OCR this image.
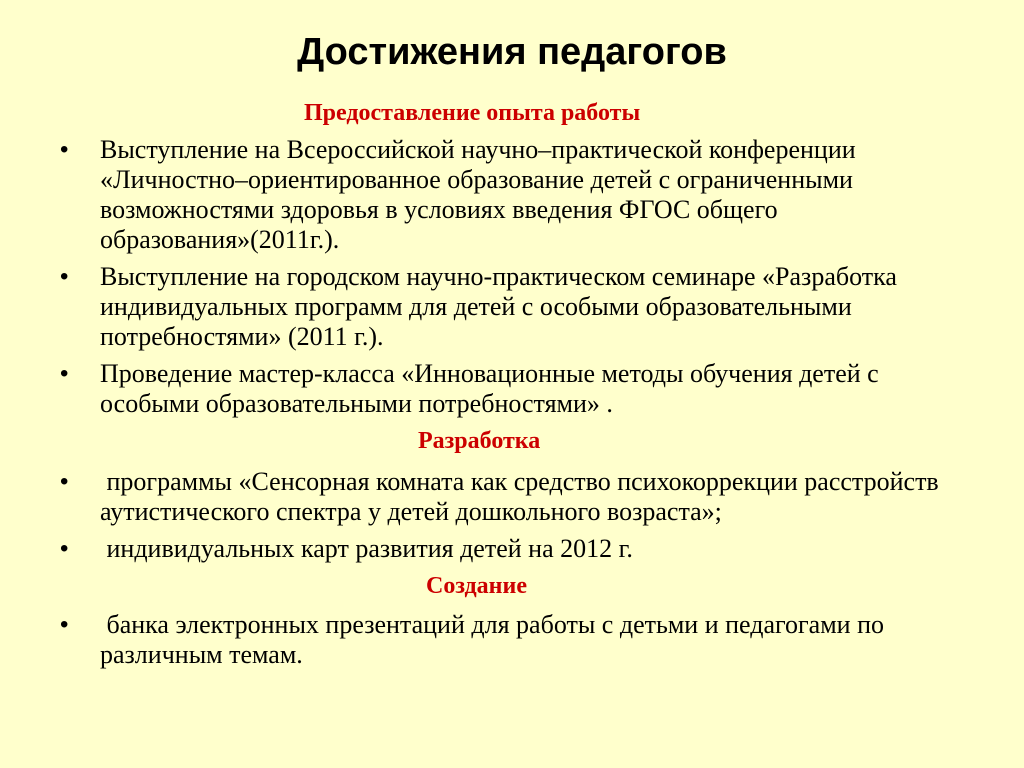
Достижения педагогов
Предоставление опыта работы
• Выступление на Всероссийской научно–практической конференции «Личностно–ориентированное образование детей с ограниченными возможностями здоровья в условиях введения ФГОС общего образования»(2011г.).
• Выступление на городском научно-практическом семинаре «Разработка индивидуальных программ для детей с особыми образовательными потребностями» (2011 г.).
• Проведение мастер-класса «Инновационные методы обучения детей с особыми образовательными потребностями» .
Разработка
• программы «Сенсорная комната как средство психокоррекции расстройств аутистического спектра у детей дошкольного возраста»;
• индивидуальных карт развития детей на 2012 г.
Создание
• банка электронных презентаций для работы с детьми и педагогами по различным темам.
